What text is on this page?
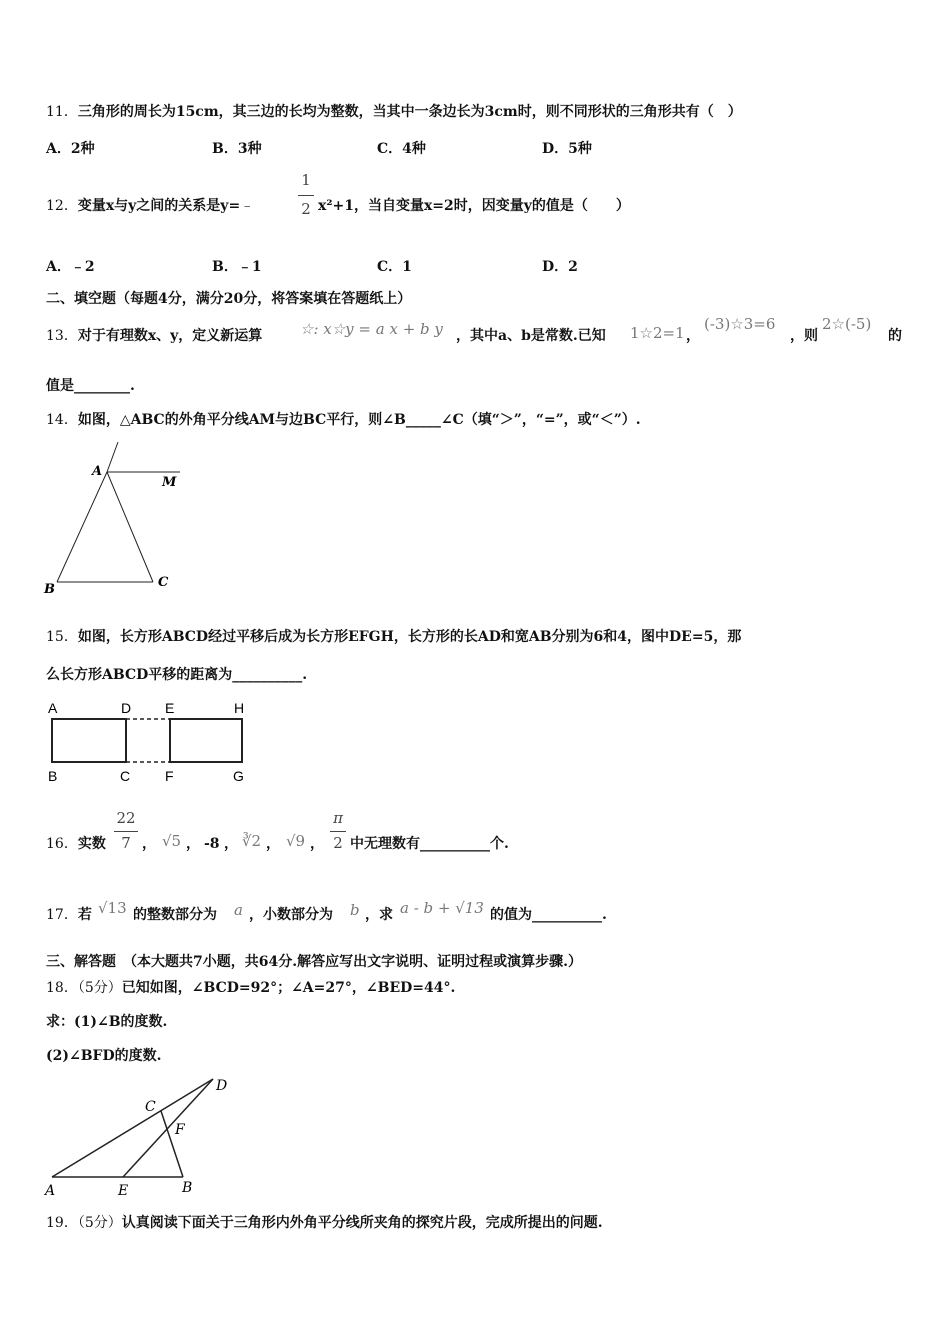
11．三角形的周长为15cm，其三边的长均为整数，当其中一条边长为3cm时，则不同形状的三角形共有（　）
A．2种	B．3种	C．4种	D．5种
12．变量x与y之间的关系是y=﹣
1
2 x²+1，当自变量x=2时，因变量y的值是（　　）
A．﹣2	B．﹣1	C．1	D．2
二、填空题（每题4分，满分20分，将答案填在答题纸上）
13．对于有理数x、y，定义新运算	☆: x☆y = a x + b y ，其中a、b是常数.已知 1☆2=1 ，
(-3)☆3=6
，则
2☆(-5)
的
值是________.
14．如图，△ABC的外角平分线AM与边BC平行，则∠B_____∠C（填“＞”，“=”，或“＜”）.
A
M
B	C
15．如图，长方形ABCD经过平移后成为长方形EFGH，长方形的长AD和宽AB分别为6和4，图中DE=5，那
么长方形ABCD平移的距离为__________.
A	D E	H
B	C F	G
16．实数
22
7 ， √5 ， -8 ， ∛2 ， √9 ，
π
2 中无理数有__________个.
17．若 √13 的整数部分为 a ，小数部分为 b ，求 a - b + √13 的值为__________.
三、解答题　（本大题共7小题，共64分.解答应写出文字说明、证明过程或演算步骤.）
18．（5分）已知如图，∠BCD=92°；∠A=27°，∠BED=44°.
求：(1)∠B的度数.
(2)∠BFD的度数.
D
C
F
A	E	B
19．（5分）认真阅读下面关于三角形内外角平分线所夹角的探究片段，完成所提出的问题.
